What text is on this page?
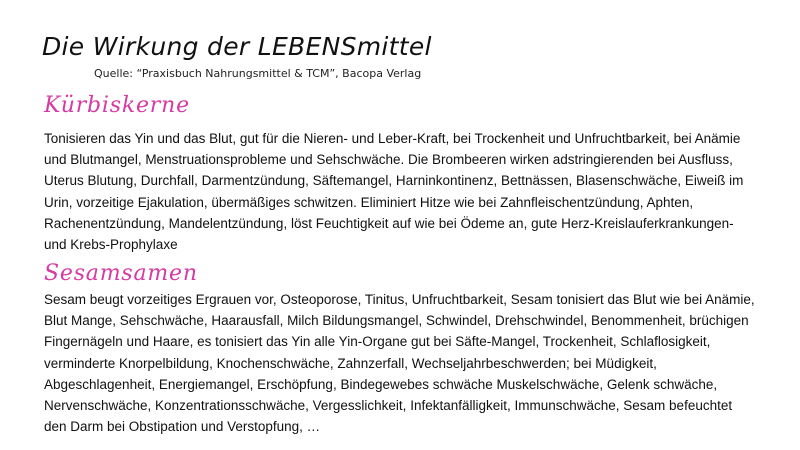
Die Wirkung der LEBENSmittel

Quelle: “Praxisbuch Nahrungsmittel & TCM”, Bacopa Verlag

Kürbiskerne

Tonisieren das Yin und das Blut, gut für die Nieren- und Leber-Kraft, bei Trockenheit und Unfruchtbarkeit, bei Anämie und Blutmangel, Menstruationsprobleme und Sehschwäche. Die Brombeeren wirken adstringierenden bei Ausfluss, Uterus Blutung, Durchfall, Darmentzündung, Säftemangel, Harninkontinenz, Bettnässen, Blasenschwäche, Eiweiß im Urin, vorzeitige Ejakulation, übermäßiges schwitzen. Eliminiert Hitze wie bei Zahnfleischentzündung, Aphten, Rachenentzündung, Mandelentzündung, löst Feuchtigkeit auf wie bei Ödeme an, gute Herz-Kreislauferkrankungen- und Krebs-Prophylaxe

Sesamsamen

Sesam beugt vorzeitiges Ergrauen vor, Osteoporose, Tinitus, Unfruchtbarkeit, Sesam tonisiert das Blut wie bei Anämie, Blut Mange, Sehschwäche, Haarausfall, Milch Bildungsmangel, Schwindel, Drehschwindel, Benommenheit, brüchigen Fingernägeln und Haare, es tonisiert das Yin alle Yin-Organe gut bei Säfte-Mangel, Trockenheit, Schlaflosigkeit, verminderte Knorpelbildung, Knochenschwäche, Zahnzerfall, Wechseljahrbeschwerden; bei Müdigkeit, Abgeschlagenheit, Energiemangel, Erschöpfung, Bindegewebes schwäche Muskelschwäche, Gelenk schwäche, Nervenschwäche, Konzentrationsschwäche, Vergesslichkeit, Infektanfälligkeit, Immunschwäche, Sesam befeuchtet den Darm bei Obstipation und Verstopfung, …
